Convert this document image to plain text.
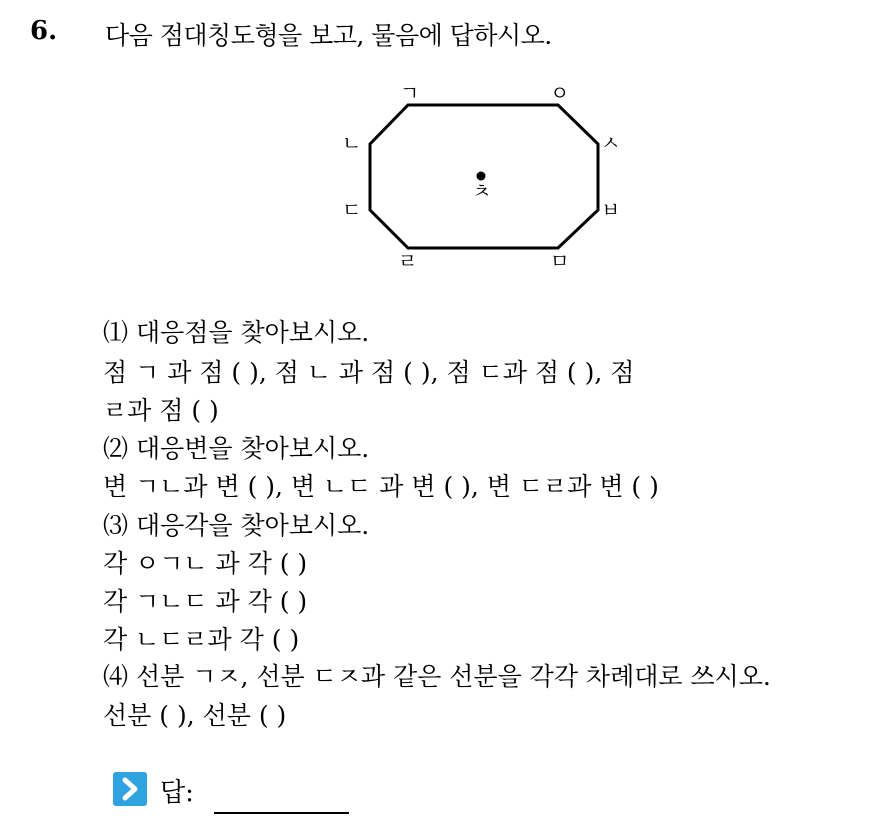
6. 다음 점대칭도형을 보고, 물음에 답하시오.
ㄱ	ㅇ
ㄴ	ㅅ
ㅊ
ㄷ	ㅂ
ㄹ	ㅁ
⑴ 대응점을 찾아보시오.
점 ㄱ 과 점 ( ), 점 ㄴ 과 점 ( ), 점 ㄷ과 점 ( ), 점
ㄹ과 점 ( )
⑵ 대응변을 찾아보시오.
변 ㄱㄴ과 변 ( ), 변 ㄴㄷ 과 변 ( ), 변 ㄷㄹ과 변 ( )
⑶ 대응각을 찾아보시오.
각 ㅇㄱㄴ 과 각 ( )
각 ㄱㄴㄷ 과 각 ( )
각 ㄴㄷㄹ과 각 ( )
⑷ 선분 ㄱㅈ, 선분 ㄷㅈ과 같은 선분을 각각 차례대로 쓰시오.
선분 ( ), 선분 ( )
답:
